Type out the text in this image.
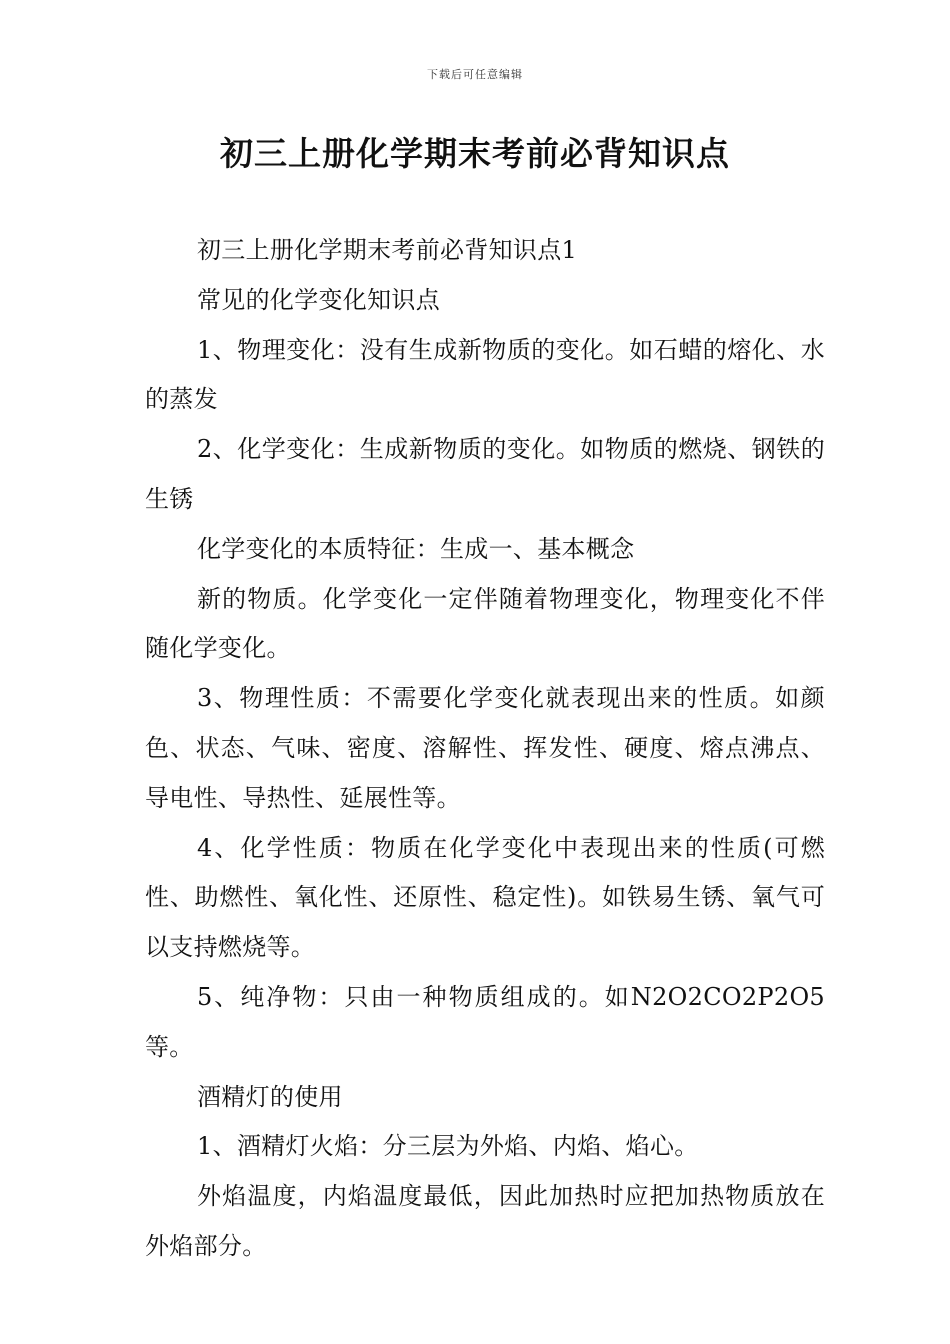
下载后可任意编辑
初三上册化学期末考前必背知识点

初三上册化学期末考前必背知识点1

常见的化学变化知识点

1、物理变化：没有生成新物质的变化。如石蜡的熔化、水的蒸发

2、化学变化：生成新物质的变化。如物质的燃烧、钢铁的生锈

化学变化的本质特征：生成一、基本概念

新的物质。化学变化一定伴随着物理变化，物理变化不伴随化学变化。

3、物理性质：不需要化学变化就表现出来的性质。如颜色、状态、气味、密度、溶解性、挥发性、硬度、熔点沸点、导电性、导热性、延展性等。

4、化学性质：物质在化学变化中表现出来的性质(可燃性、助燃性、氧化性、还原性、稳定性)。如铁易生锈、氧气可以支持燃烧等。

5、纯净物：只由一种物质组成的。如N2O2CO2P2O5等。

酒精灯的使用

1、酒精灯火焰：分三层为外焰、内焰、焰心。

外焰温度，内焰温度最低，因此加热时应把加热物质放在外焰部分。
